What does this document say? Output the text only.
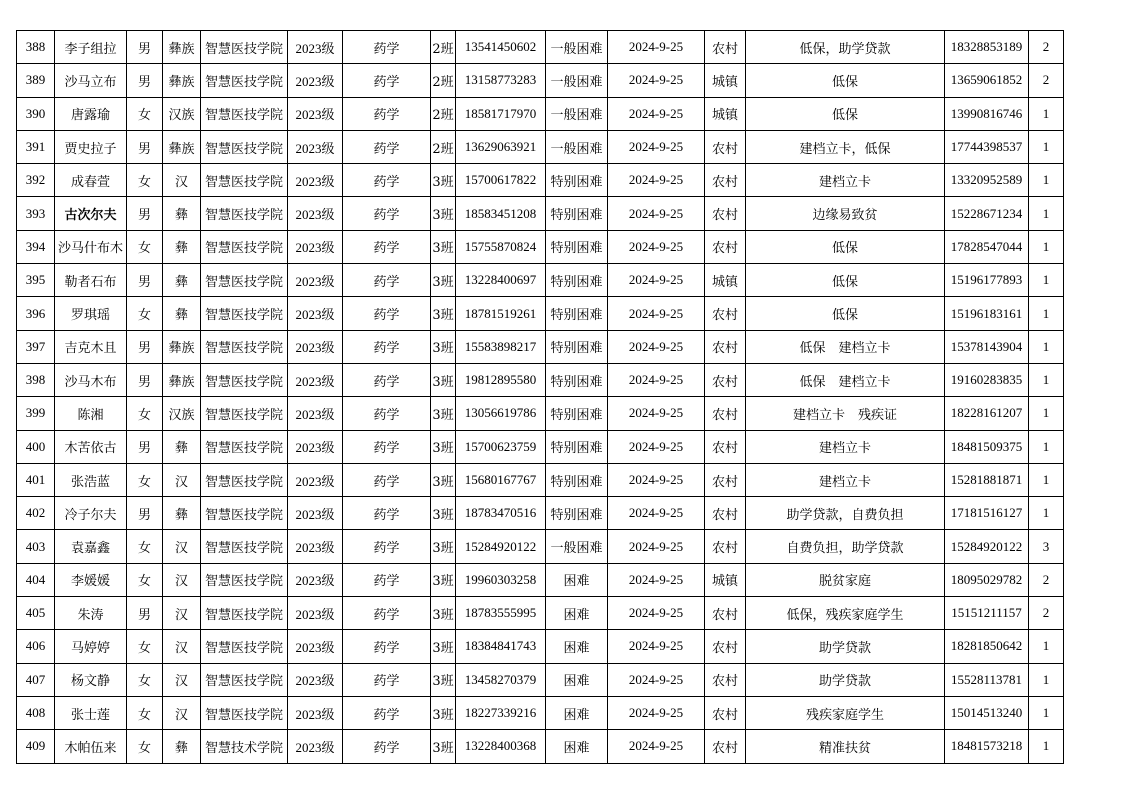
388	李子组拉	男	彝族	智慧医技学院	2023级	药学	2班	13541450602	一般困难	2024-9-25	农村	低保，助学贷款	18328853189	2
389	沙马立布	男	彝族	智慧医技学院	2023级	药学	2班	13158773283	一般困难	2024-9-25	城镇	低保	13659061852	2
390	唐露瑜	女	汉族	智慧医技学院	2023级	药学	2班	18581717970	一般困难	2024-9-25	城镇	低保	13990816746	1
391	贾史拉子	男	彝族	智慧医技学院	2023级	药学	2班	13629063921	一般困难	2024-9-25	农村	建档立卡，低保	17744398537	1
392	成春萱	女	汉	智慧医技学院	2023级	药学	3班	15700617822	特别困难	2024-9-25	农村	建档立卡	13320952589	1
393	古次尔夫	男	彝	智慧医技学院	2023级	药学	3班	18583451208	特别困难	2024-9-25	农村	边缘易致贫	15228671234	1
394	沙马什布木	女	彝	智慧医技学院	2023级	药学	3班	15755870824	特别困难	2024-9-25	农村	低保	17828547044	1
395	勒者石布	男	彝	智慧医技学院	2023级	药学	3班	13228400697	特别困难	2024-9-25	城镇	低保	15196177893	1
396	罗琪瑶	女	彝	智慧医技学院	2023级	药学	3班	18781519261	特别困难	2024-9-25	农村	低保	15196183161	1
397	吉克木且	男	彝族	智慧医技学院	2023级	药学	3班	15583898217	特别困难	2024-9-25	农村	低保　建档立卡	15378143904	1
398	沙马木布	男	彝族	智慧医技学院	2023级	药学	3班	19812895580	特别困难	2024-9-25	农村	低保　建档立卡	19160283835	1
399	陈湘	女	汉族	智慧医技学院	2023级	药学	3班	13056619786	特别困难	2024-9-25	农村	建档立卡　残疾证	18228161207	1
400	木苦依古	男	彝	智慧医技学院	2023级	药学	3班	15700623759	特别困难	2024-9-25	农村	建档立卡	18481509375	1
401	张浩蓝	女	汉	智慧医技学院	2023级	药学	3班	15680167767	特别困难	2024-9-25	农村	建档立卡	15281881871	1
402	冷子尔夫	男	彝	智慧医技学院	2023级	药学	3班	18783470516	特别困难	2024-9-25	农村	助学贷款，自费负担	17181516127	1
403	袁嘉鑫	女	汉	智慧医技学院	2023级	药学	3班	15284920122	一般困难	2024-9-25	农村	自费负担，助学贷款	15284920122	3
404	李媛媛	女	汉	智慧医技学院	2023级	药学	3班	19960303258	困难	2024-9-25	城镇	脱贫家庭	18095029782	2
405	朱涛	男	汉	智慧医技学院	2023级	药学	3班	18783555995	困难	2024-9-25	农村	低保，残疾家庭学生	15151211157	2
406	马婷婷	女	汉	智慧医技学院	2023级	药学	3班	18384841743	困难	2024-9-25	农村	助学贷款	18281850642	1
407	杨文静	女	汉	智慧医技学院	2023级	药学	3班	13458270379	困难	2024-9-25	农村	助学贷款	15528113781	1
408	张士莲	女	汉	智慧医技学院	2023级	药学	3班	18227339216	困难	2024-9-25	农村	残疾家庭学生	15014513240	1
409	木帕伍来	女	彝	智慧技术学院	2023级	药学	3班	13228400368	困难	2024-9-25	农村	精准扶贫	18481573218	1
